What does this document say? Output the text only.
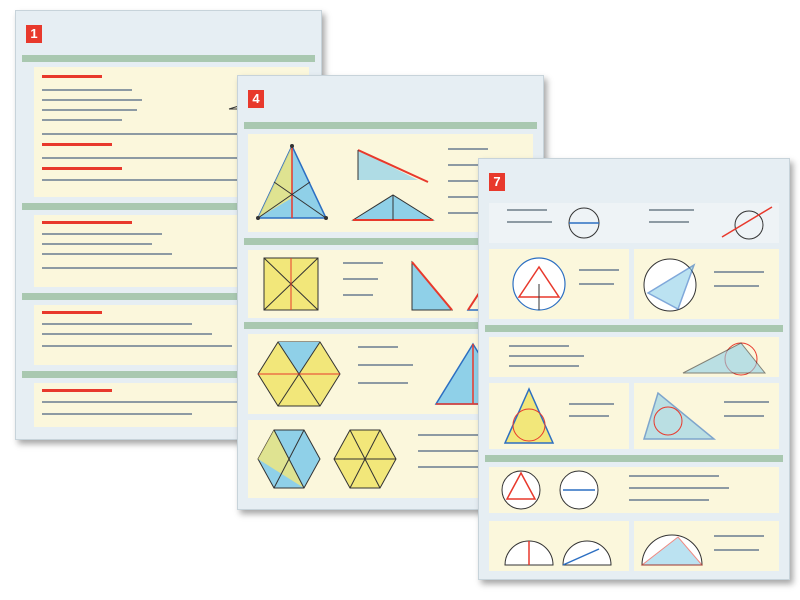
1
4
7
